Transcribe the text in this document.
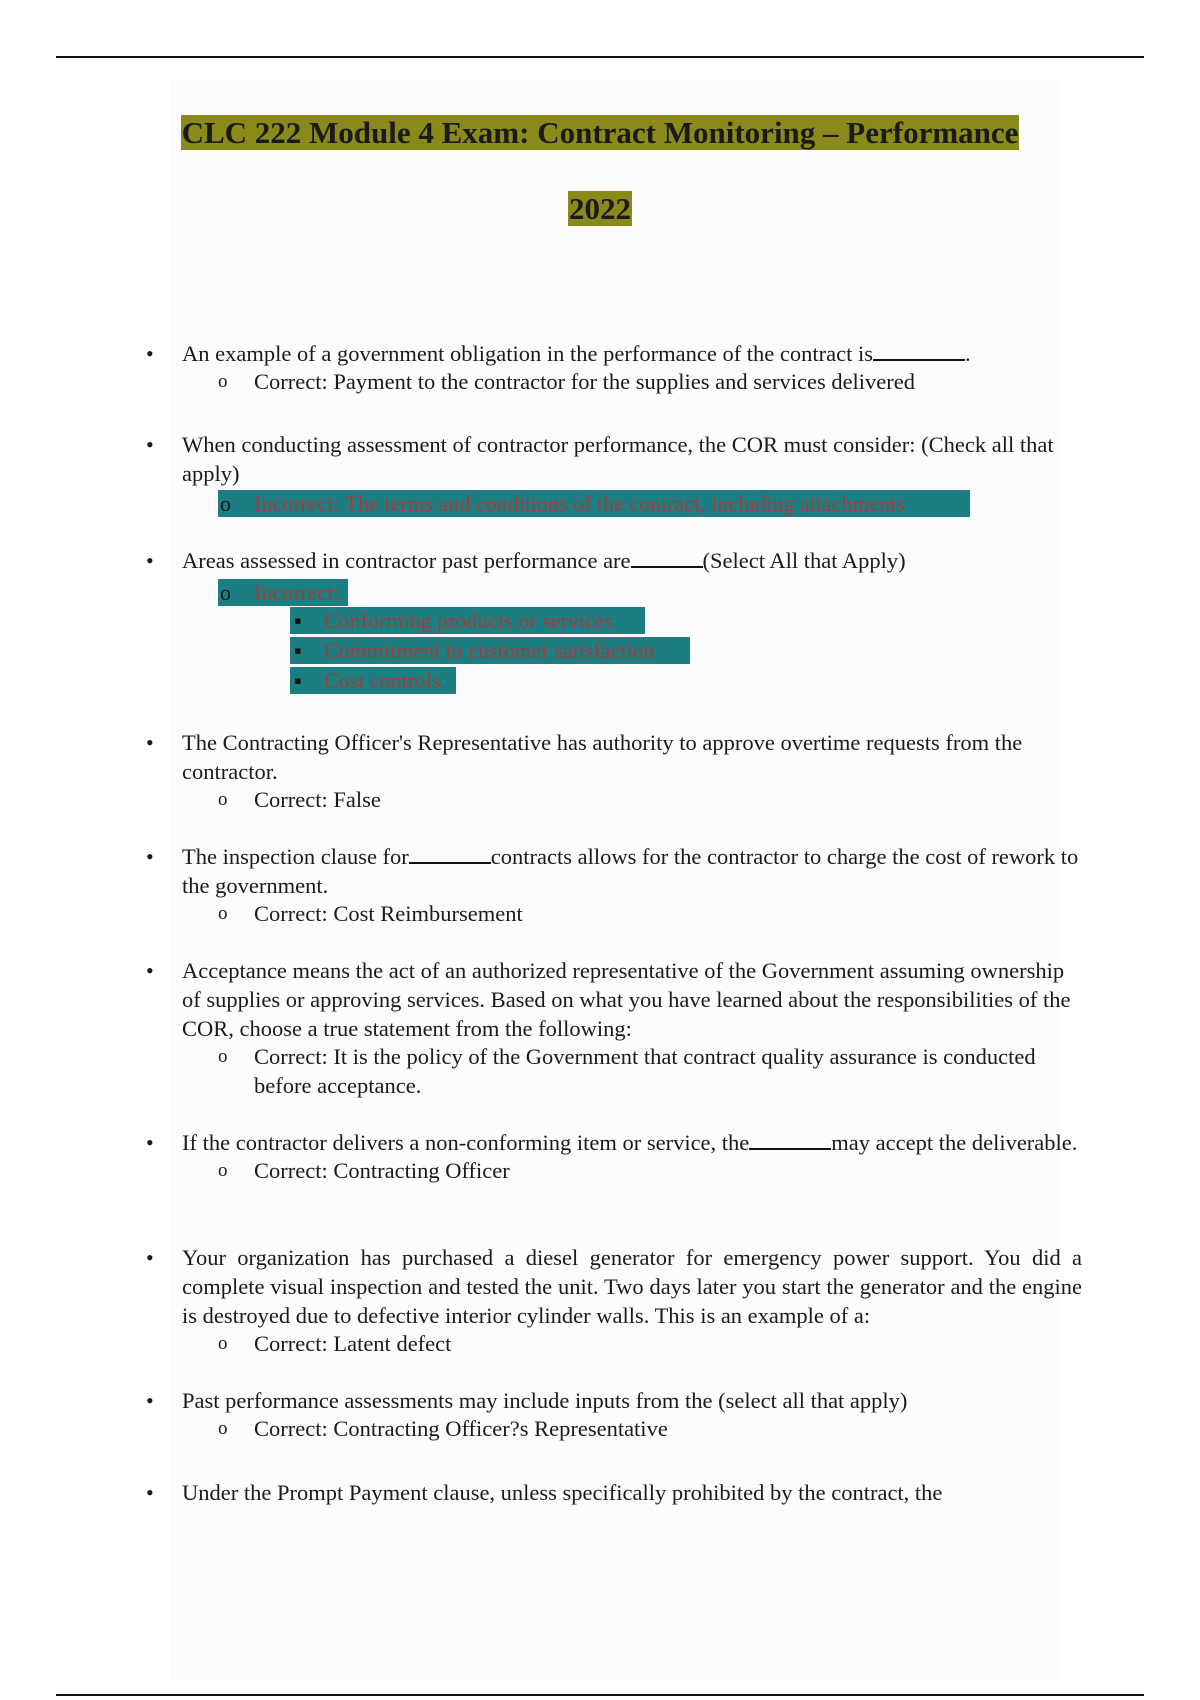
CLC 222 Module 4 Exam: Contract Monitoring – Performance
2022
• An example of a government obligation in the performance of the contract is	.
o Correct: Payment to the contractor for the supplies and services delivered
• When conducting assessment of contractor performance, the COR must consider: (Check all that apply)
o Incorrect: The terms and conditions of the contract, including attachments
• Areas assessed in contractor past performance are	(Select All that Apply)
o Incorrect:
▪ Conforming products or services
▪ Commitment to customer satisfaction
▪ Cost controls
• The Contracting Officer's Representative has authority to approve overtime requests from the contractor.
o Correct: False
• The inspection clause for	contracts allows for the contractor to charge the cost of rework to the government.
o Correct: Cost Reimbursement
• Acceptance means the act of an authorized representative of the Government assuming ownership of supplies or approving services. Based on what you have learned about the responsibilities of the COR, choose a true statement from the following:
o Correct: It is the policy of the Government that contract quality assurance is conducted before acceptance.
• If the contractor delivers a non-conforming item or service, the	may accept the deliverable.
o Correct: Contracting Officer
• Your organization has purchased a diesel generator for emergency power support. You did a complete visual inspection and tested the unit. Two days later you start the generator and the engine is destroyed due to defective interior cylinder walls. This is an example of a:
o Correct: Latent defect
• Past performance assessments may include inputs from the (select all that apply)
o Correct: Contracting Officer?s Representative
• Under the Prompt Payment clause, unless specifically prohibited by the contract, the
